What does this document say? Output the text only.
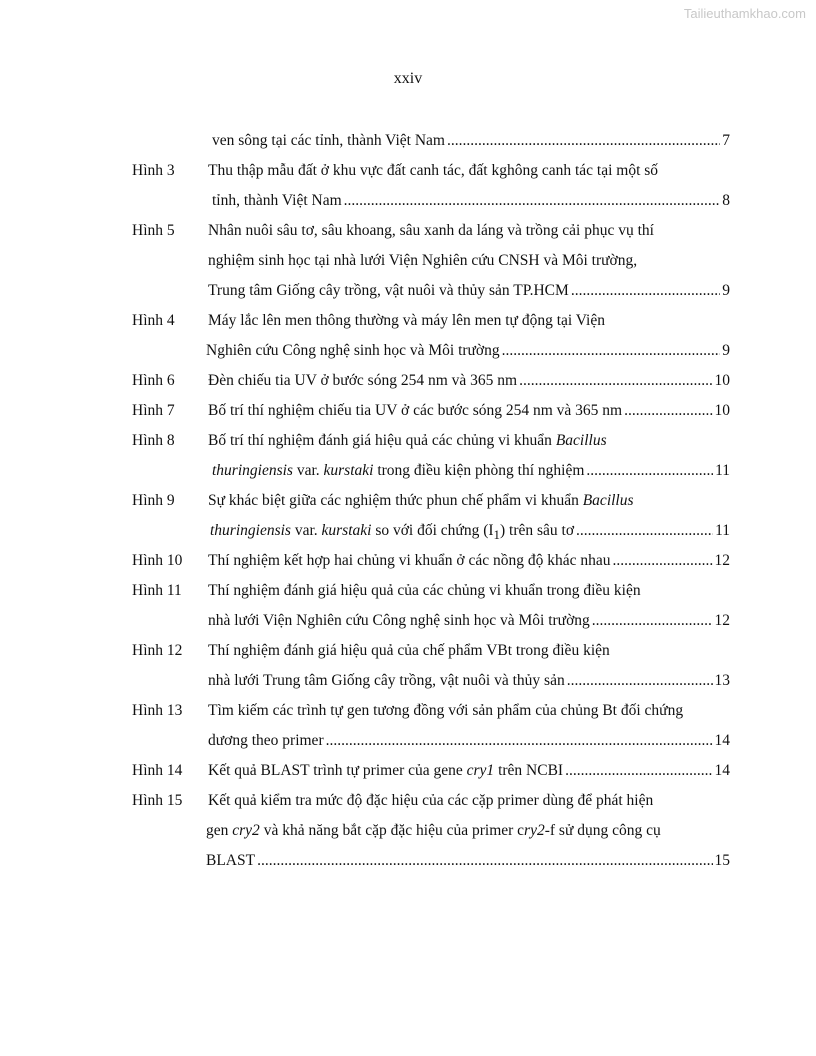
Tailieuthamkhao.com
xxiv
ven sông tại các tỉnh, thành Việt Nam .....	7
Hình 3 Thu thập mẫu đất ở khu vực đất canh tác, đất kghông canh tác tại một số
tỉnh, thành Việt Nam .....	8
Hình 5 Nhân nuôi sâu tơ, sâu khoang, sâu xanh da láng và trồng cải phục vụ thí
nghiệm sinh học tại nhà lưới Viện Nghiên cứu CNSH và Môi trường,
Trung tâm Giống cây trồng, vật nuôi và thủy sản TP.HCM .....	9
Hình 4 Máy lắc lên men thông thường và máy lên men tự động tại Viện
Nghiên cứu Công nghệ sinh học và Môi trường .....	9
Hình 6 Đèn chiếu tia UV ở bước sóng 254 nm và 365 nm .....	10
Hình 7 Bố trí thí nghiệm chiếu tia UV ở các bước sóng 254 nm và 365 nm .....	10
Hình 8 Bố trí thí nghiệm đánh giá hiệu quả các chủng vi khuẩn Bacillus
thuringiensis var. kurstaki trong điều kiện phòng thí nghiệm .....	11
Hình 9 Sự khác biệt giữa các nghiệm thức phun chế phẩm vi khuẩn Bacillus
thuringiensis var. kurstaki so với đối chứng $(I_1)$ trên sâu tơ .....	11
Hình 10 Thí nghiệm kết hợp hai chủng vi khuẩn ở các nồng độ khác nhau .....	12
Hình 11 Thí nghiệm đánh giá hiệu quả của các chủng vi khuẩn trong điều kiện
nhà lưới Viện Nghiên cứu Công nghệ sinh học và Môi trường .....	12
Hình 12 Thí nghiệm đánh giá hiệu quả của chế phẩm VBt trong điều kiện
nhà lưới Trung tâm Giống cây trồng, vật nuôi và thủy sản .....	13
Hình 13 Tìm kiếm các trình tự gen tương đồng với sản phẩm của chủng Bt đối chứng
dương theo primer .....	14
Hình 14 Kết quả BLAST trình tự primer của gene cry1 trên NCBI .....	14
Hình 15 Kết quả kiểm tra mức độ đặc hiệu của các cặp primer dùng để phát hiện
gen cry2 và khả năng bắt cặp đặc hiệu của primer cry2-f sử dụng công cụ
BLAST .....	15
